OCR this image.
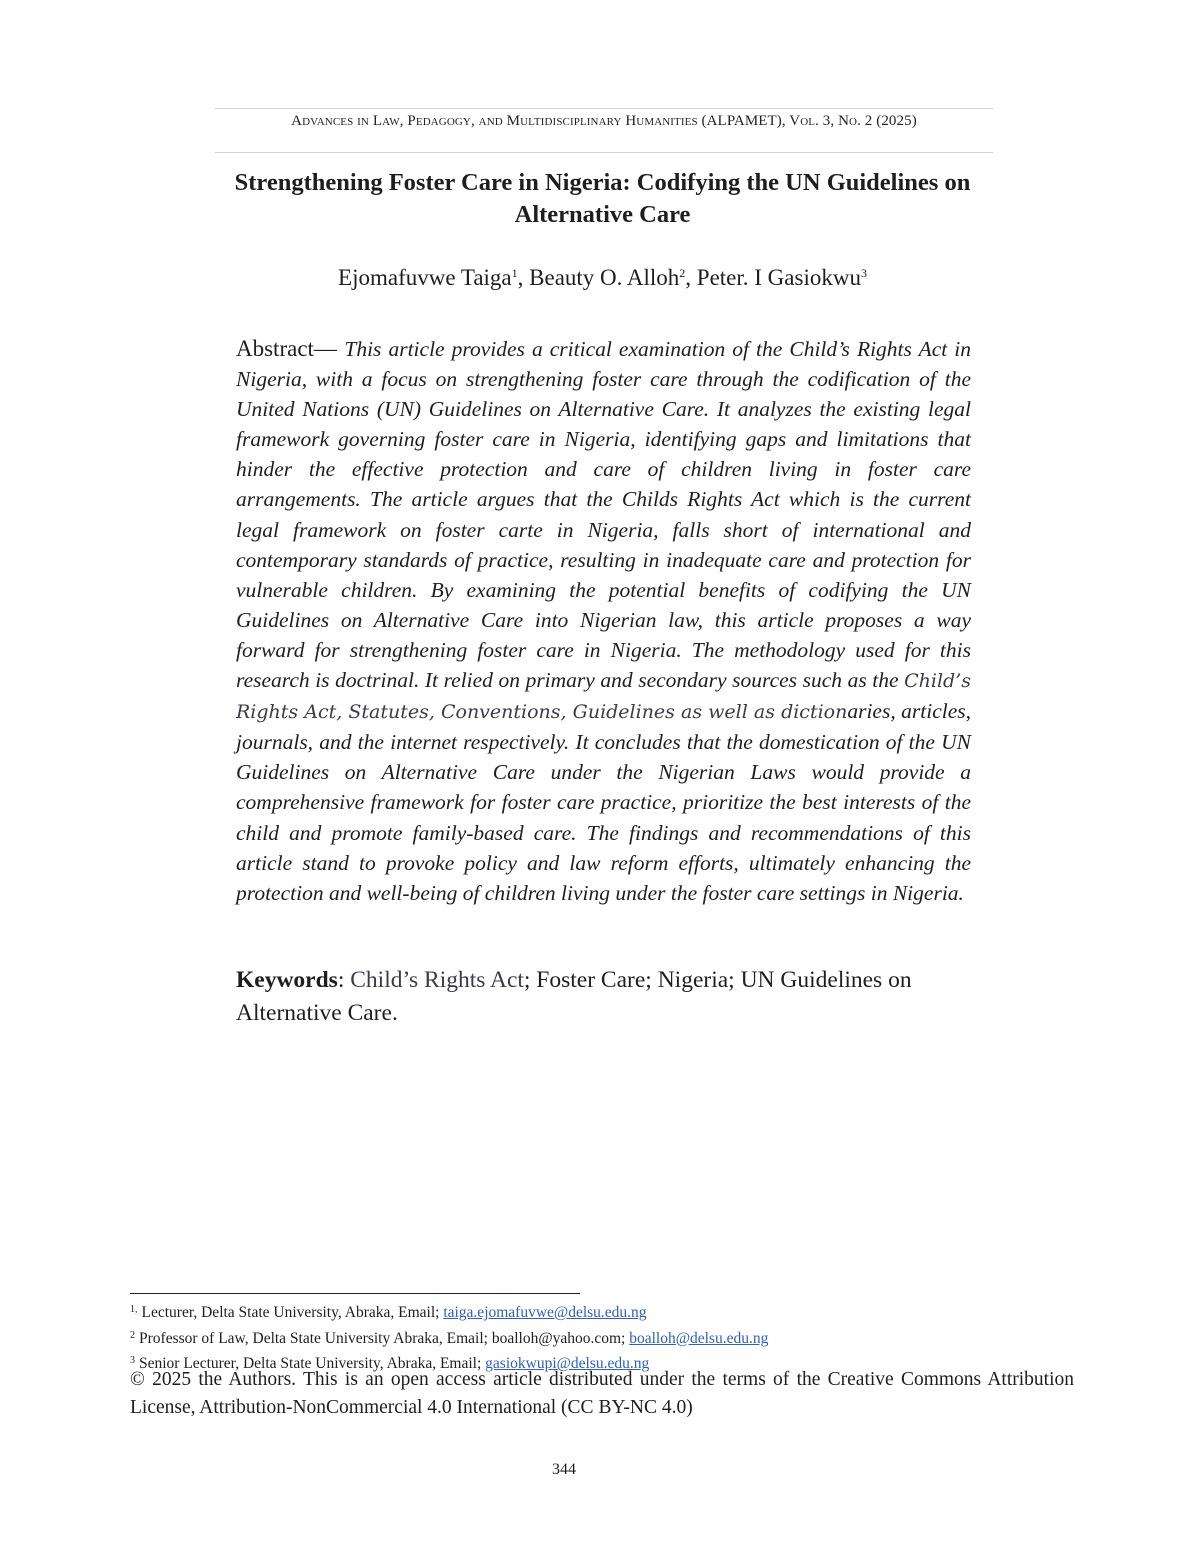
Advances in Law, Pedagogy, and Multidisciplinary Humanities (ALPAMET), Vol. 3, No. 2 (2025)
Strengthening Foster Care in Nigeria: Codifying the UN Guidelines on Alternative Care
Ejomafuvwe Taiga$^1$, Beauty O. Alloh$^2$, Peter. I Gasiokwu$^3$
Abstract— This article provides a critical examination of the Child’s Rights Act in Nigeria, with a focus on strengthening foster care through the codification of the United Nations (UN) Guidelines on Alternative Care. It analyzes the existing legal framework governing foster care in Nigeria, identifying gaps and limitations that hinder the effective protection and care of children living in foster care arrangements. The article argues that the Childs Rights Act which is the current legal framework on foster carte in Nigeria, falls short of international and contemporary standards of practice, resulting in inadequate care and protection for vulnerable children. By examining the potential benefits of codifying the UN Guidelines on Alternative Care into Nigerian law, this article proposes a way forward for strengthening foster care in Nigeria. The methodology used for this research is doctrinal. It relied on primary and secondary sources such as the Child’s Rights Act, Statutes, Conventions, Guidelines as well as dictionaries, articles, journals, and the internet respectively. It concludes that the domestication of the UN Guidelines on Alternative Care under the Nigerian Laws would provide a comprehensive framework for foster care practice, prioritize the best interests of the child and promote family-based care. The findings and recommendations of this article stand to provoke policy and law reform efforts, ultimately enhancing the protection and well-being of children living under the foster care settings in Nigeria.
Keywords: Child’s Rights Act; Foster Care; Nigeria; UN Guidelines on Alternative Care.
$^{1,}$ Lecturer, Delta State University, Abraka, Email; taiga.ejomafuvwe@delsu.edu.ng
$^2$ Professor of Law, Delta State University Abraka, Email; boalloh@yahoo.com; boalloh@delsu.edu.ng
$^3$ Senior Lecturer, Delta State University, Abraka, Email; gasiokwupi@delsu.edu.ng
© 2025 the Authors. This is an open access article distributed under the terms of the Creative Commons Attribution License, Attribution-NonCommercial 4.0 International (CC BY-NC 4.0)
344
